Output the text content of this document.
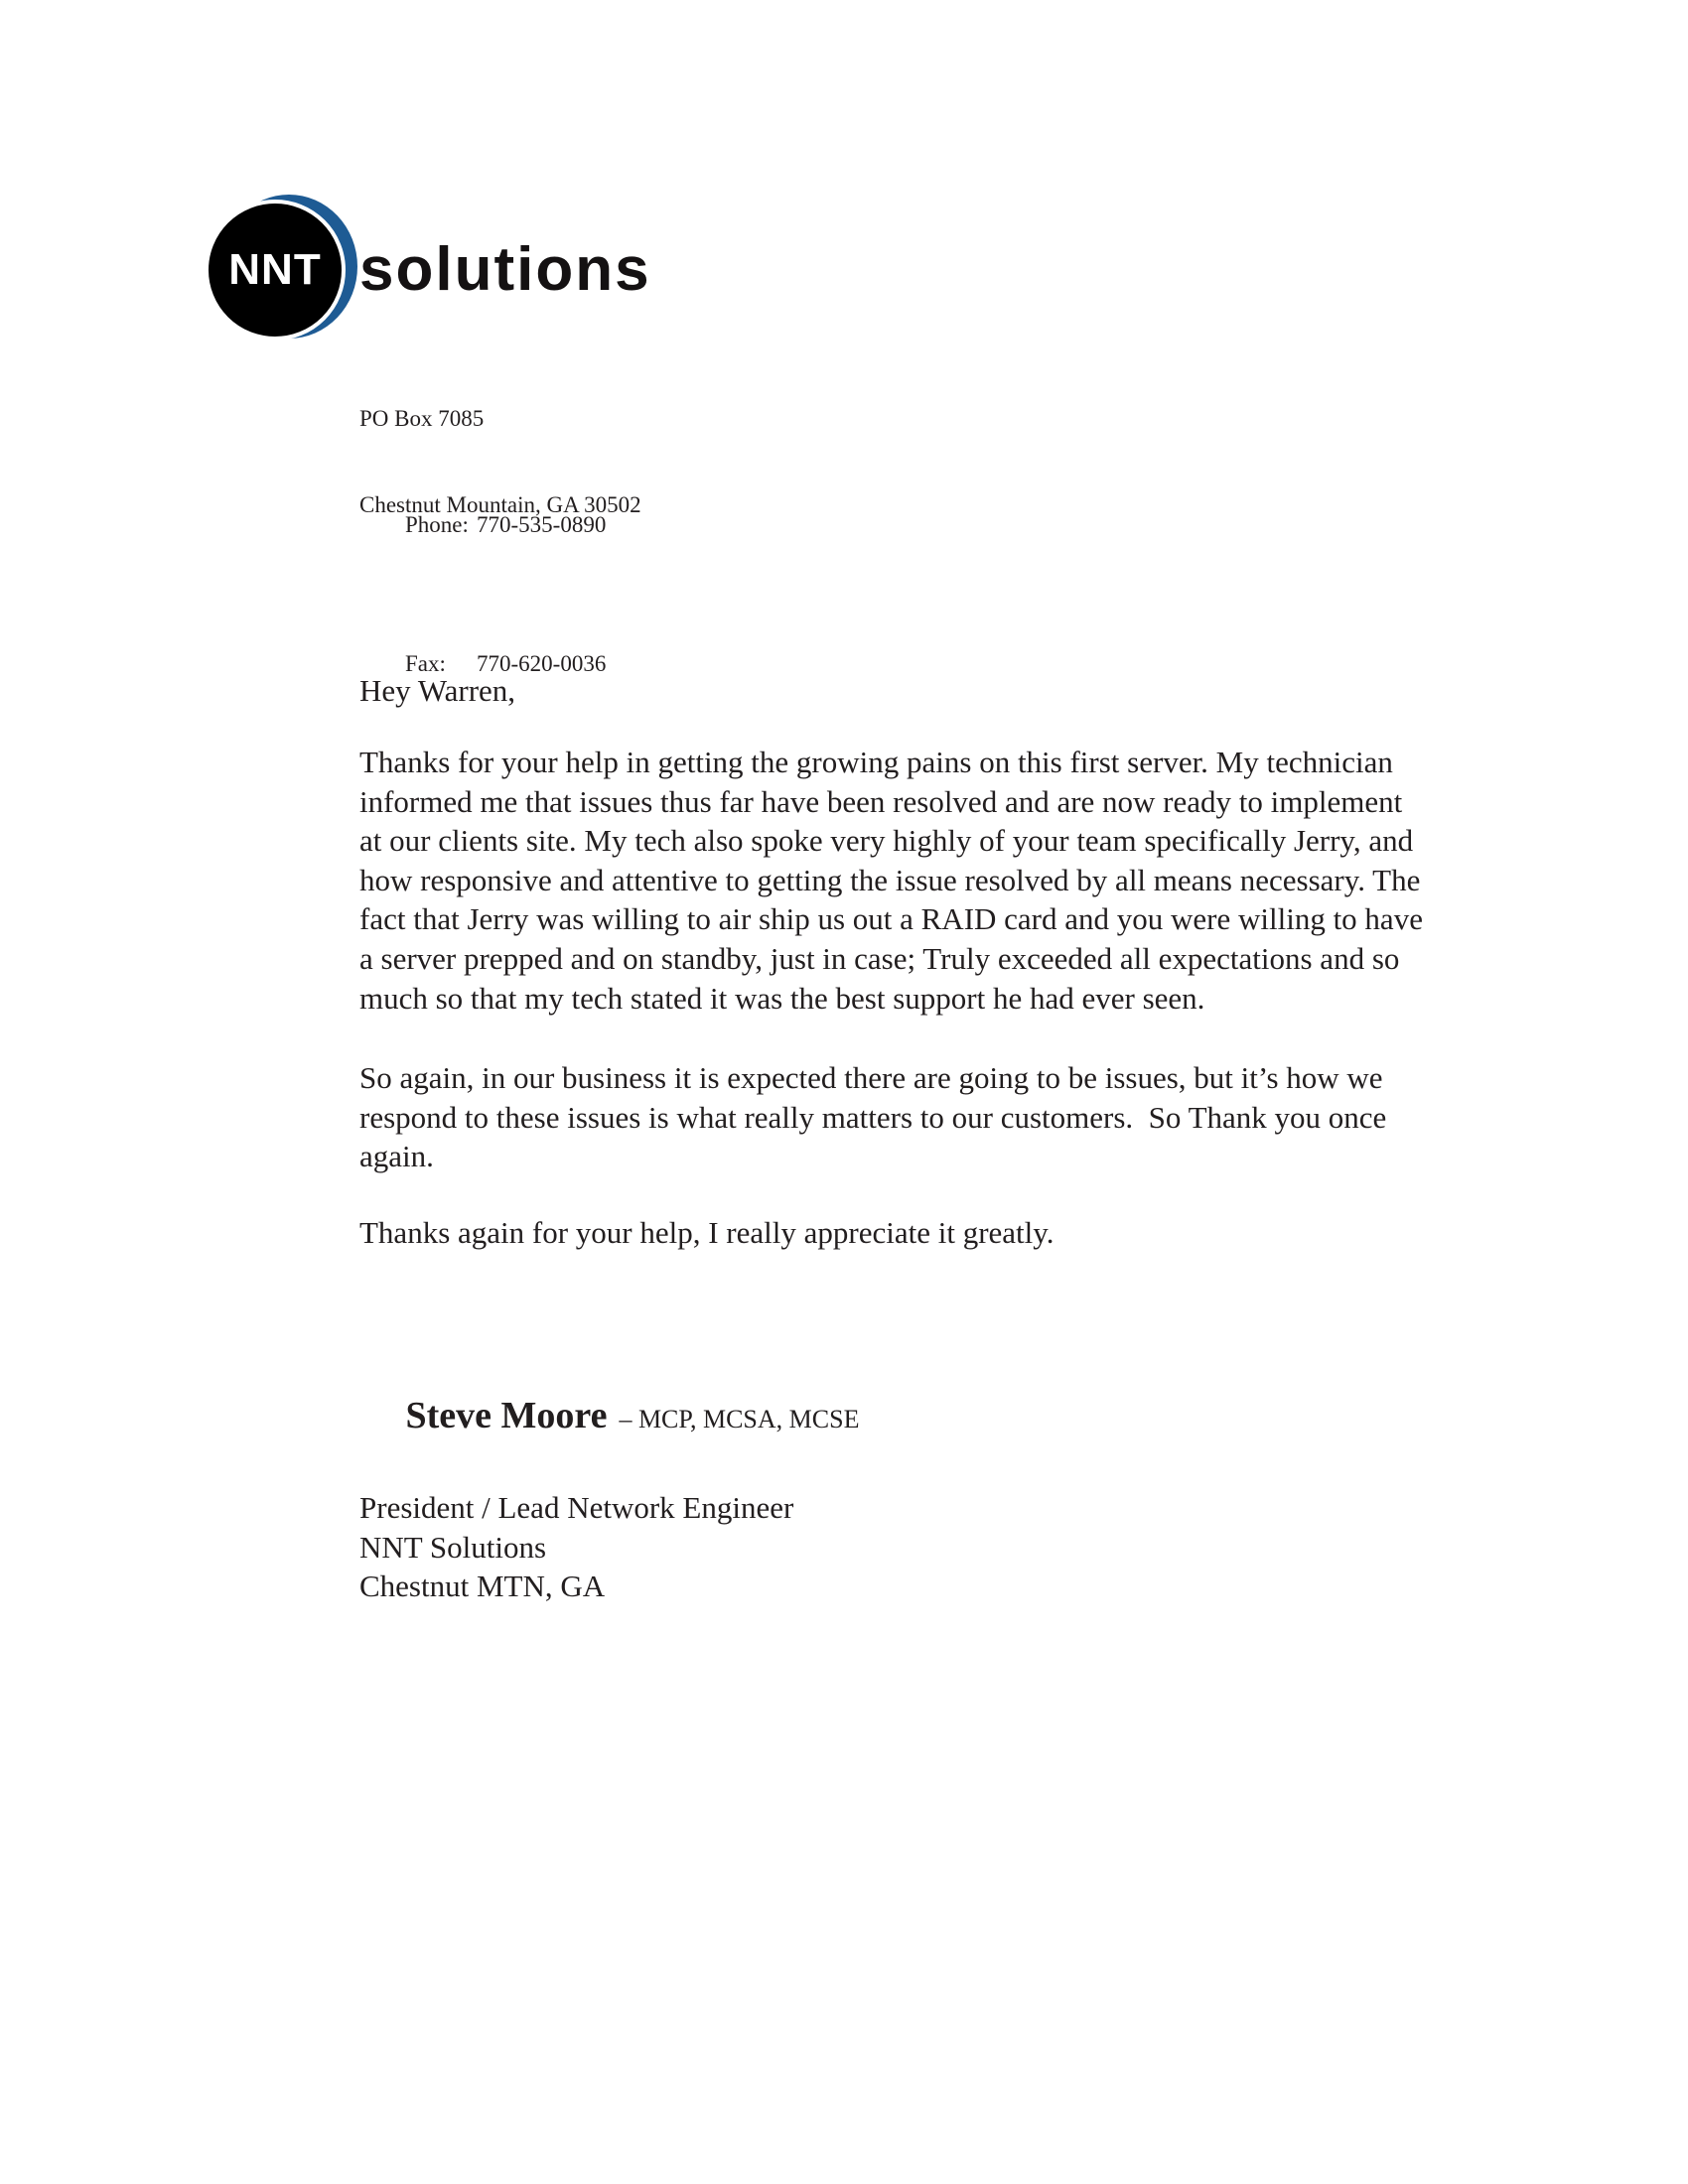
NNT solutions

PO Box 7085

Chestnut Mountain, GA 30502

Phone: 770-535-0890

Fax: 770-620-0036

Hey Warren,

Thanks for your help in getting the growing pains on this first server. My technician
informed me that issues thus far have been resolved and are now ready to implement
at our clients site. My tech also spoke very highly of your team specifically Jerry, and
how responsive and attentive to getting the issue resolved by all means necessary. The
fact that Jerry was willing to air ship us out a RAID card and you were willing to have
a server prepped and on standby, just in case; Truly exceeded all expectations and so
much so that my tech stated it was the best support he had ever seen.
So again, in our business it is expected there are going to be issues, but it’s how we
respond to these issues is what really matters to our customers.  So Thank you once
again.
Thanks again for your help, I really appreciate it greatly.

Steve Moore – MCP, MCSA, MCSE

President / Lead Network Engineer
NNT Solutions
Chestnut MTN, GA
